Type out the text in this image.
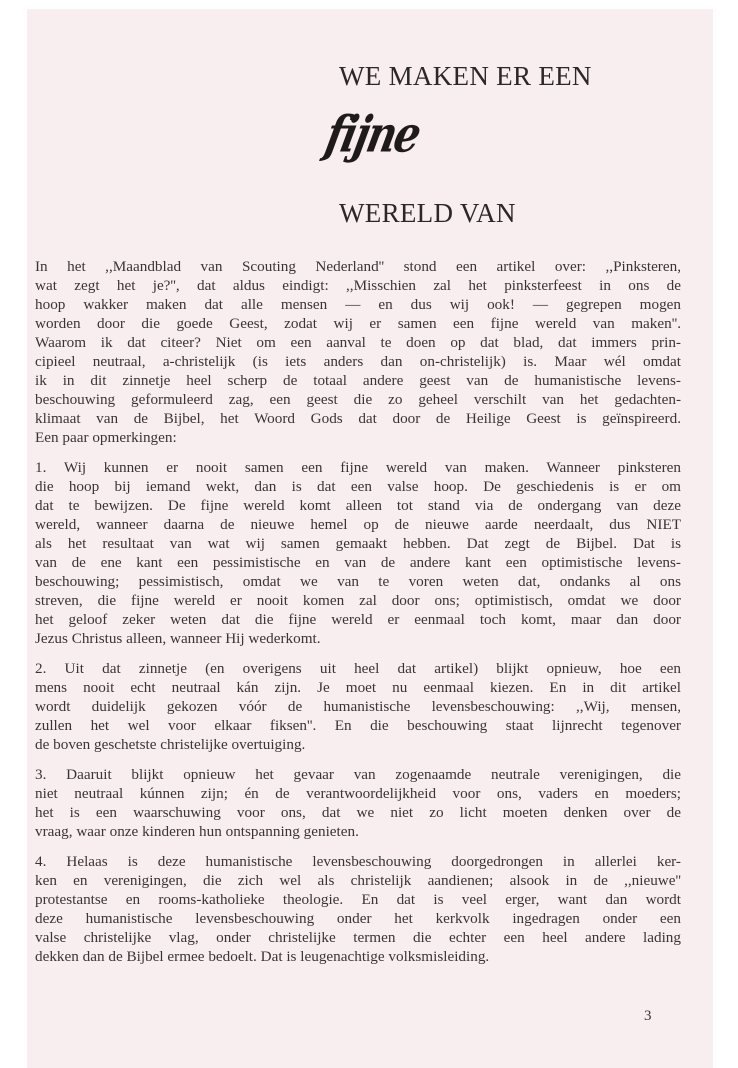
WE MAKEN ER EEN
fijne
WERELD VAN
In het ,,Maandblad van Scouting Nederland'' stond een artikel over: ,,Pinksteren,
wat zegt het je?'', dat aldus eindigt: ,,Misschien zal het pinksterfeest in ons de
hoop wakker maken dat alle mensen — en dus wij ook! — gegrepen mogen
worden door die goede Geest, zodat wij er samen een fijne wereld van maken''.
Waarom ik dat citeer? Niet om een aanval te doen op dat blad, dat immers prin-
cipieel neutraal, a-christelijk (is iets anders dan on-christelijk) is. Maar wél omdat
ik in dit zinnetje heel scherp de totaal andere geest van de humanistische levens-
beschouwing geformuleerd zag, een geest die zo geheel verschilt van het gedachten-
klimaat van de Bijbel, het Woord Gods dat door de Heilige Geest is geïnspireerd.
Een paar opmerkingen:
1. Wij kunnen er nooit samen een fijne wereld van maken. Wanneer pinksteren
die hoop bij iemand wekt, dan is dat een valse hoop. De geschiedenis is er om
dat te bewijzen. De fijne wereld komt alleen tot stand via de ondergang van deze
wereld, wanneer daarna de nieuwe hemel op de nieuwe aarde neerdaalt, dus NIET
als het resultaat van wat wij samen gemaakt hebben. Dat zegt de Bijbel. Dat is
van de ene kant een pessimistische en van de andere kant een optimistische levens-
beschouwing; pessimistisch, omdat we van te voren weten dat, ondanks al ons
streven, die fijne wereld er nooit komen zal door ons; optimistisch, omdat we door
het geloof zeker weten dat die fijne wereld er eenmaal toch komt, maar dan door
Jezus Christus alleen, wanneer Hij wederkomt.
2. Uit dat zinnetje (en overigens uit heel dat artikel) blijkt opnieuw, hoe een
mens nooit echt neutraal kán zijn. Je moet nu eenmaal kiezen. En in dit artikel
wordt duidelijk gekozen vóór de humanistische levensbeschouwing: ,,Wij, mensen,
zullen het wel voor elkaar fiksen''. En die beschouwing staat lijnrecht tegenover
de boven geschetste christelijke overtuiging.
3. Daaruit blijkt opnieuw het gevaar van zogenaamde neutrale verenigingen, die
niet neutraal kúnnen zijn; én de verantwoordelijkheid voor ons, vaders en moeders;
het is een waarschuwing voor ons, dat we niet zo licht moeten denken over de
vraag, waar onze kinderen hun ontspanning genieten.
4. Helaas is deze humanistische levensbeschouwing doorgedrongen in allerlei ker-
ken en verenigingen, die zich wel als christelijk aandienen; alsook in de ,,nieuwe''
protestantse en rooms-katholieke theologie. En dat is veel erger, want dan wordt
deze humanistische levensbeschouwing onder het kerkvolk ingedragen onder een
valse christelijke vlag, onder christelijke termen die echter een heel andere lading
dekken dan de Bijbel ermee bedoelt. Dat is leugenachtige volksmisleiding.
3
